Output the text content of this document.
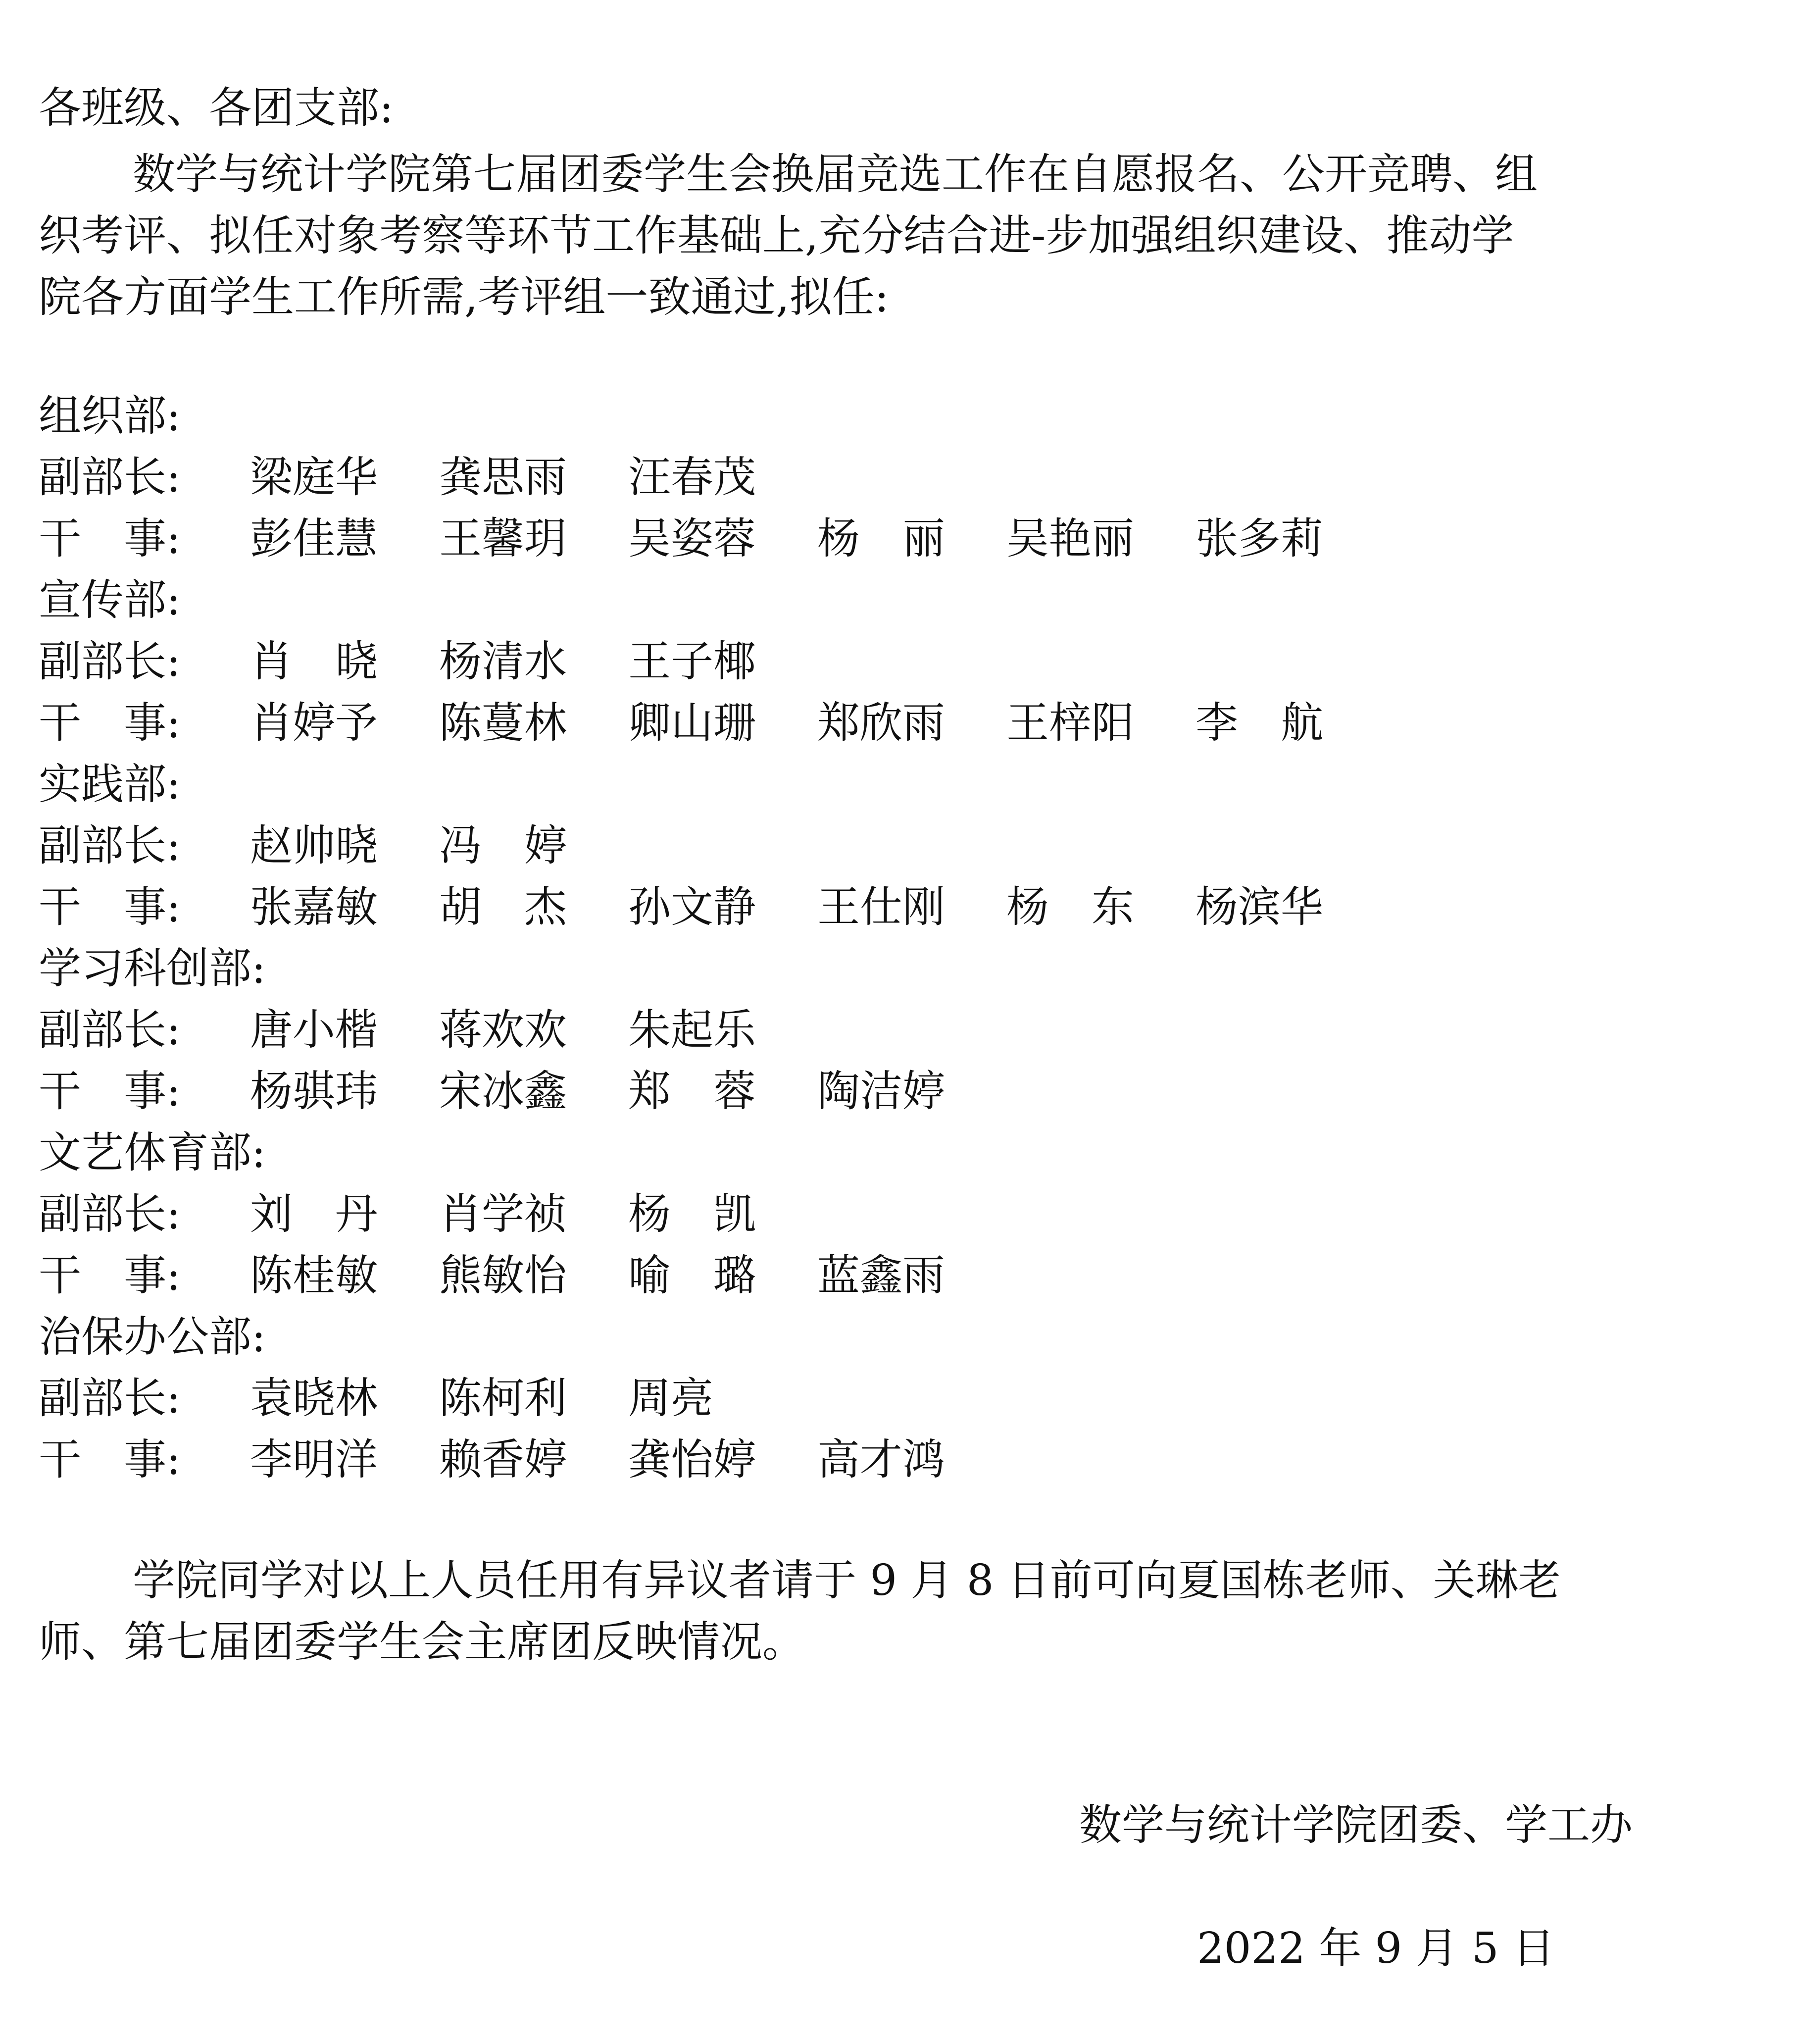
各班级、各团支部:
数学与统计学院第七届团委学生会换届竞选工作在自愿报名、公开竞聘、组
织考评、拟任对象考察等环节工作基础上,充分结合进-步加强组织建设、推动学
院各方面学生工作所需,考评组一致通过,拟任:
组织部:
副部长: 梁庭华 龚思雨 汪春茂
干　事: 彭佳慧 王馨玥 吴姿蓉 杨　丽 吴艳丽 张多莉
宣传部:
副部长: 肖　晓 杨清水 王子椰
干　事: 肖婷予 陈蔓林 卿山珊 郑欣雨 王梓阳 李　航
实践部:
副部长: 赵帅晓 冯　婷
干　事: 张嘉敏 胡　杰 孙文静 王仕刚 杨　东 杨滨华
学习科创部:
副部长: 唐小楷 蒋欢欢 朱起乐
干　事: 杨骐玮 宋冰鑫 郑　蓉 陶洁婷
文艺体育部:
副部长: 刘　丹 肖学祯 杨　凯
干　事: 陈桂敏 熊敏怡 喻　璐 蓝鑫雨
治保办公部:
副部长: 袁晓林 陈柯利 周亮
干　事: 李明洋 赖香婷 龚怡婷 高才鸿
学院同学对以上人员任用有异议者请于 9 月 8 日前可向夏国栋老师、关琳老
师、第七届团委学生会主席团反映情况。
数学与统计学院团委、学工办
2022 年 9 月 5 日
